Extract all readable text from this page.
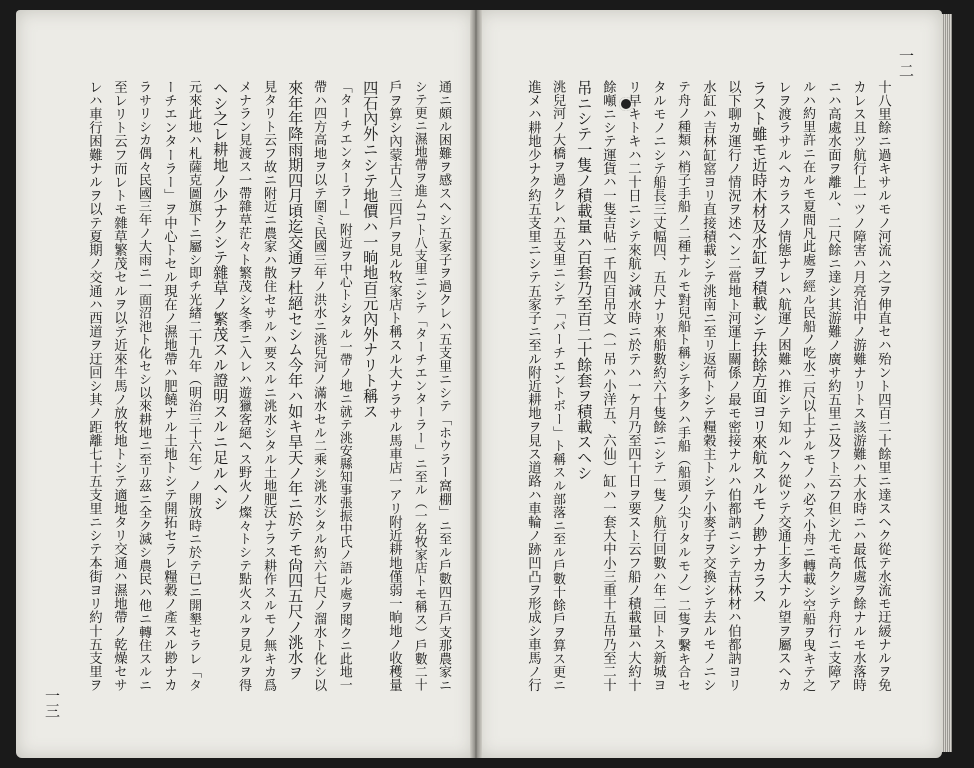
十八里餘ニ過キサルモノ河流ハ之ヲ伸直セハ殆ント四百二十餘里ニ達スヘク從テ水流モ迂緩ナルヲ免
カレス且ツ航行上一ツノ障害ハ月亮泊中ノ游難ナリトス該游難ハ大水時ニハ最低處ヲ餘ナルモ水落時
ニハ高處水面ヲ離ル、二尺餘ニ達シ其游難ノ廣サ約五里ニ及フト云フ但シ尤モ高クシテ舟行ニ支障ア
ルハ約里許ニ在ルモ夏間凡此處ヲ經ル民船ノ吃水二尺以上ナルモノハ必ス小舟ニ轉載シ空船ヲ曳キテ之
レヲ渡ラサルヘカラスノ情態ナレハ航運ノ困難ハ推シテ知ルヘク從ツテ交通上多大ナル望ヲ屬スヘカ
ラスト雖モ近時木材及水缸ヲ積載シテ扶餘方面ヨリ來航スルモノ尠ナカラス
以下聊カ運行ノ情況ヲ述ヘン二當地ト河運上關係ノ最モ密接ナルハ伯都訥ニシテ吉林材ハ伯都訥ヨリ
水缸ハ吉林缸窰ヨリ直接積載シテ洮南ニ至リ返荷トシテ糧穀主トシテ小麥子ヲ交換シテ去ルモノニシ
テ舟ノ種類ハ梢子手船ノ二種ナルモ對兒船ト稱シテ多クハ手船（船頭ノ尖リタルモノ）二隻ヲ繫キ合セ
タルモノニシテ船長三丈幅四、五尺ナリ來船數約六十隻餘ニシテ一隻ノ航行回數ハ年二回トス新城ヨ
リ早キトキハ二十日ニシテ來航シ減水時ニ於テハ一ケ月乃至四十日ヲ要スト云フ船ノ積載量ハ大約十
餘噸ニシテ運貨ハ一隻吉帖一千四百吊文（一吊ハ小洋五、六仙）缸ハ一套大中小三重十五吊乃至二十
吊ニシテ一隻ノ積載量ハ百套乃至百二十餘套ヲ積載スヘシ
洮兒河ノ大橋ヲ過クレハ五支里ニシテ「バーチエントボー」ト稱スル部落ニ至ル戶數十餘戶ヲ算ス更ニ
進メハ耕地少ナク約五支里ニシテ五家子ニ至ル附近耕地ヲ見ス道路ハ車輪ノ跡凹凸ヲ形成シ車馬ノ行
一二
通ニ頗ル困難ヲ感スヘシ五家子ヲ過クレハ五支里ニシテ「ホウラー窩棚」ニ至ル戶數四五戶支那農家ニ
シテ更ニ濕地帶ヲ進ムコト八支里ニシテ「ターチエンターラー」ニ至ル（一名牧家店トモ稱ス）戶數二十
戶ヲ算シ內蒙古人三四戶ヲ見ル牧家店ト稱スル大ナラサル馬車店一アリ附近耕地僅弱一晌地ノ收穫量
四石內外ニシテ地價ハ一晌地百元內外ナリト稱ス
「ターチエンターラー」附近ヲ中心トシタル一帶ノ地ニ就テ洮安縣知事張振中氏ノ語ル處ヲ聞クニ此地一
帶ハ四方高地ヲ以テ圍ミ民國三年ノ洪水ニ洮兒河ノ滿水セル二乘シ洮水シタル約六七尺ノ溜水ト化シ以
來年年降雨期四月頃迄交通ヲ杜絕セシム今年ハ如キ旱天ノ年ニ於テモ尙四五尺ノ洮水ヲ
見タリト云フ故ニ附近ニ農家ハ散住セサルハ要スルニ洮水シタル土地肥沃ナラス耕作スルモノ無キカ爲
メナラン見渡ス一帶雜草茫々ト繁茂シ冬季ニ入レハ遊獵客絕ヘス野火ノ燦々トシテ點火スルヲ見ルヲ得
ヘシ之レ耕地ノ少ナクシテ雜草ノ繁茂スル證明スルニ足ルヘシ
元來此地ハ札薩克圖旗下ニ屬シ即チ光緖二十九年（明治三十六年）ノ開放時ニ於テ已ニ開墾セラレ「タ
ーチエンターラー」ヲ中心トセル現在ノ濕地帶ハ肥饒ナル土地トシテ開拓セラレ糧穀ノ產スル尠ナカ
ラサリシカ偶々民國三年ノ大雨ニ一面沼池ト化セシ以來耕地ニ至リ茲ニ全ク滅シ農民ハ他ニ轉住スルニ
至レリト云フ而レトモ雜草繁茂セルヲ以テ近來牛馬ノ放牧地トシテ適地タリ交通ハ濕地帶ノ乾燥セサ
レハ車行困難ナルヲ以テ夏期ノ交通ハ西道ヲ迂回シ其ノ距離七十五支里ニシテ本街ヨリ約十五支里ヲ
一三
